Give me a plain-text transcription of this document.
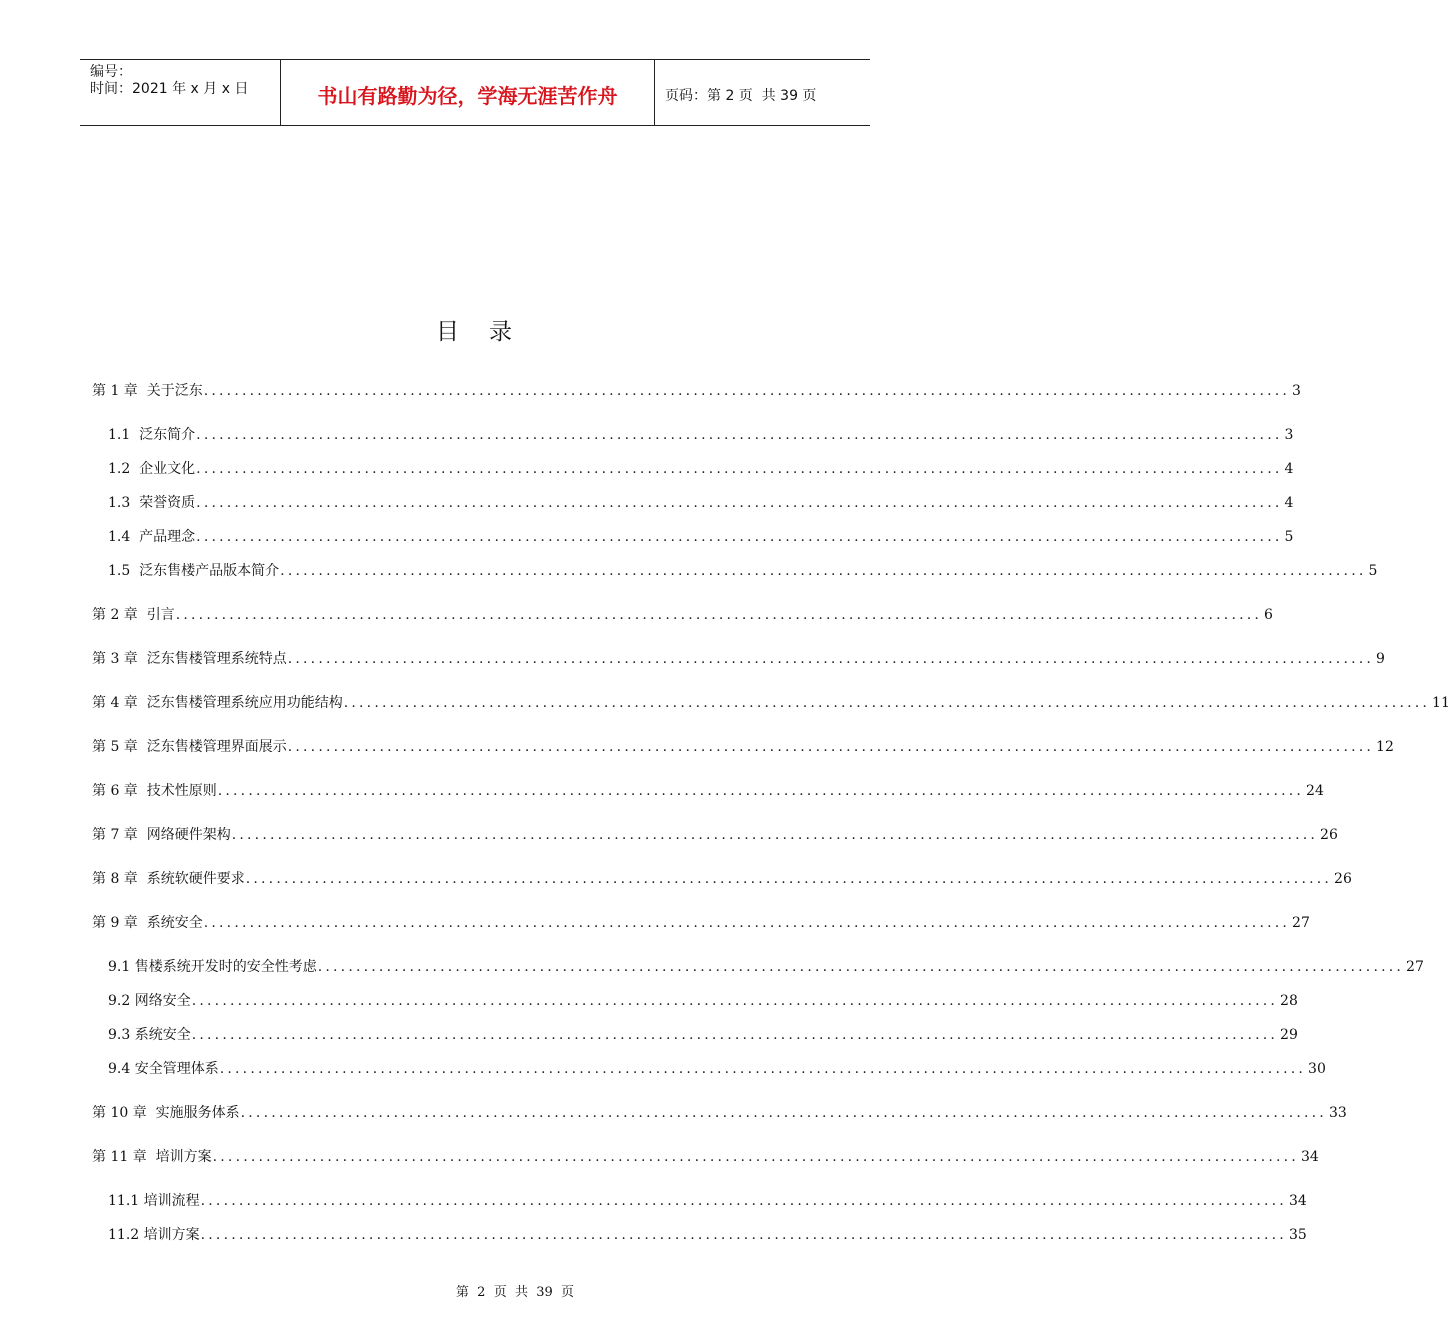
编号：
时间：2021 年 x 月 x 日	书山有路勤为径，学海无涯苦作舟	页码：第 2 页  共 39 页
目 录
第 1 章  关于泛东 .............................................................................................................................................. 3
1.1  泛东简介 .............................................................................................................................................. 3
1.2  企业文化 .............................................................................................................................................. 4
1.3  荣誉资质 .............................................................................................................................................. 4
1.4  产品理念 .............................................................................................................................................. 5
1.5  泛东售楼产品版本简介 .............................................................................................................................................. 5
第 2 章  引言 .............................................................................................................................................. 6
第 3 章  泛东售楼管理系统特点 .............................................................................................................................................. 9
第 4 章  泛东售楼管理系统应用功能结构 .............................................................................................................................................. 11
第 5 章  泛东售楼管理界面展示 .............................................................................................................................................. 12
第 6 章  技术性原则 .............................................................................................................................................. 24
第 7 章  网络硬件架构 .............................................................................................................................................. 26
第 8 章  系统软硬件要求 .............................................................................................................................................. 26
第 9 章  系统安全 .............................................................................................................................................. 27
9.1 售楼系统开发时的安全性考虑 .............................................................................................................................................. 27
9.2 网络安全 .............................................................................................................................................. 28
9.3 系统安全 .............................................................................................................................................. 29
9.4 安全管理体系 .............................................................................................................................................. 30
第 10 章  实施服务体系 .............................................................................................................................................. 33
第 11 章  培训方案 .............................................................................................................................................. 34
11.1 培训流程 .............................................................................................................................................. 34
11.2 培训方案 .............................................................................................................................................. 35
第  2  页  共  39  页
